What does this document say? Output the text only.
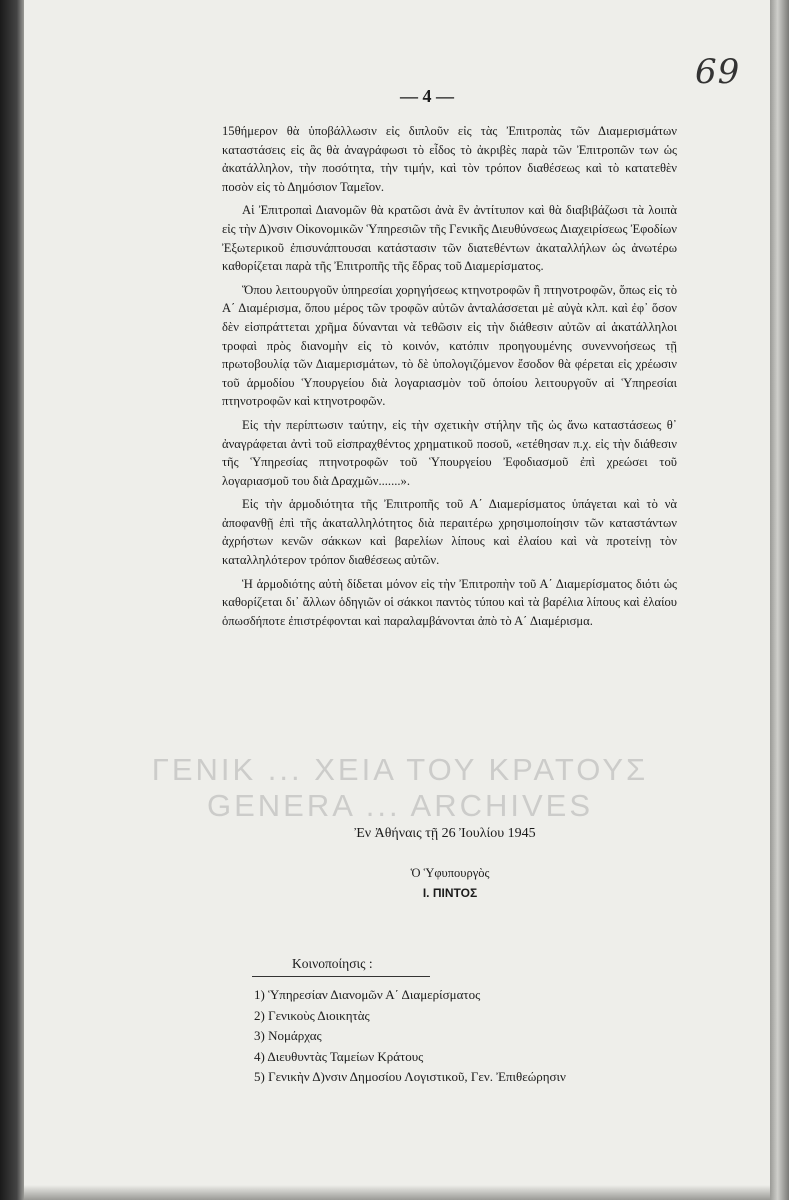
69
— 4 —

15θήμερον θὰ ὑποβάλλωσιν εἰς διπλοῦν εἰς τὰς Ἐπιτροπὰς τῶν Διαμερισμάτων καταστάσεις εἰς ἃς θὰ ἀναγράφωσι τὸ εἶδος τὸ ἀκριβὲς παρὰ τῶν Ἐπιτροπῶν των ὡς ἀκατάλληλον, τὴν ποσότητα, τὴν τιμήν, καὶ τὸν τρόπον διαθέσεως καὶ τὸ κατατεθὲν ποσὸν εἰς τὸ Δημόσιον Ταμεῖον.

Αἱ Ἐπιτροπαὶ Διανομῶν θὰ κρατῶσι ἀνὰ ἓν ἀντίτυπον καὶ θὰ διαβιβάζωσι τὰ λοιπὰ εἰς τὴν Δ)νσιν Οἰκονομικῶν Ὑπηρεσιῶν τῆς Γενικῆς Διευθύνσεως Διαχειρίσεως Ἐφοδίων Ἐξωτερικοῦ ἐπισυνάπτουσαι κατάστασιν τῶν διατεθέντων ἀκαταλλήλων ὡς ἀνωτέρω καθορίζεται παρὰ τῆς Ἐπιτροπῆς τῆς ἕδρας τοῦ Διαμερίσματος.

Ὅπου λειτουργοῦν ὑπηρεσίαι χορηγήσεως κτηνοτροφῶν ἢ πτηνοτροφῶν, ὅπως εἰς τὸ Α΄ Διαμέρισμα, ὅπου μέρος τῶν τροφῶν αὐτῶν ἀνταλάσσεται μὲ αὐγὰ κλπ. καὶ ἐφ᾽ ὅσον δὲν εἰσπράττεται χρῆμα δύνανται νὰ τεθῶσιν εἰς τὴν διάθεσιν αὐτῶν αἱ ἀκατάλληλοι τροφαὶ πρὸς διανομὴν εἰς τὸ κοινόν, κατόπιν προηγουμένης συνεννοήσεως τῇ πρωτοβουλίᾳ τῶν Διαμερισμάτων, τὸ δὲ ὑπολογιζόμενον ἔσοδον θὰ φέρεται εἰς χρέωσιν τοῦ ἁρμοδίου Ὑπουργείου διὰ λογαριασμὸν τοῦ ὁποίου λειτουργοῦν αἱ Ὑπηρεσίαι πτηνοτροφῶν καὶ κτηνοτροφῶν.

Εἰς τὴν περίπτωσιν ταύτην, εἰς τὴν σχετικὴν στήλην τῆς ὡς ἄνω καταστάσεως θ᾽ ἀναγράφεται ἀντὶ τοῦ εἰσπραχθέντος χρηματικοῦ ποσοῦ, «ετέθησαν π.χ. εἰς τὴν διάθεσιν τῆς Ὑπηρεσίας πτηνοτροφῶν τοῦ Ὑπουργείου Ἐφοδιασμοῦ ἐπὶ χρεώσει τοῦ λογαριασμοῦ του διὰ Δραχμῶν.......».

Εἰς τὴν ἁρμοδιότητα τῆς Ἐπιτροπῆς τοῦ Α΄ Διαμερίσματος ὑπάγεται καὶ τὸ νὰ ἀποφανθῇ ἐπὶ τῆς ἀκαταλληλότητος διὰ περαιτέρω χρησιμοποίησιν τῶν καταστάντων ἀχρήστων κενῶν σάκκων καὶ βαρελίων λίπους καὶ ἐλαίου καὶ νὰ προτείνῃ τὸν καταλληλότερον τρόπον διαθέσεως αὐτῶν.

Ἡ ἁρμοδιότης αὐτὴ δίδεται μόνον εἰς τὴν Ἐπιτροπὴν τοῦ Α΄ Διαμερίσματος διότι ὡς καθορίζεται δι᾽ ἄλλων ὁδηγιῶν οἱ σάκκοι παντὸς τύπου καὶ τὰ βαρέλια λίπους καὶ ἐλαίου ὁπωσδήποτε ἐπιστρέφονται καὶ παραλαμβάνονται ἀπὸ τὸ Α΄ Διαμέρισμα.

ΓΕΝΙΚ ... ΧΕΙΑ ΤΟΥ ΚΡΑΤΟΥΣ
GENERA ... ARCHIVES
Ἐν Ἀθήναις τῇ 26 Ἰουλίου 1945
Ὁ Ὑφυπουργὸς
Ι. ΠΙΝΤΟΣ
Κοινοποίησις :
1) Ὑπηρεσίαν Διανομῶν Α΄ Διαμερίσματος
2) Γενικοὺς Διοικητὰς
3) Νομάρχας
4) Διευθυντὰς Ταμείων Κράτους
5) Γενικὴν Δ)νσιν Δημοσίου Λογιστικοῦ, Γεν. Ἐπιθεώρησιν
